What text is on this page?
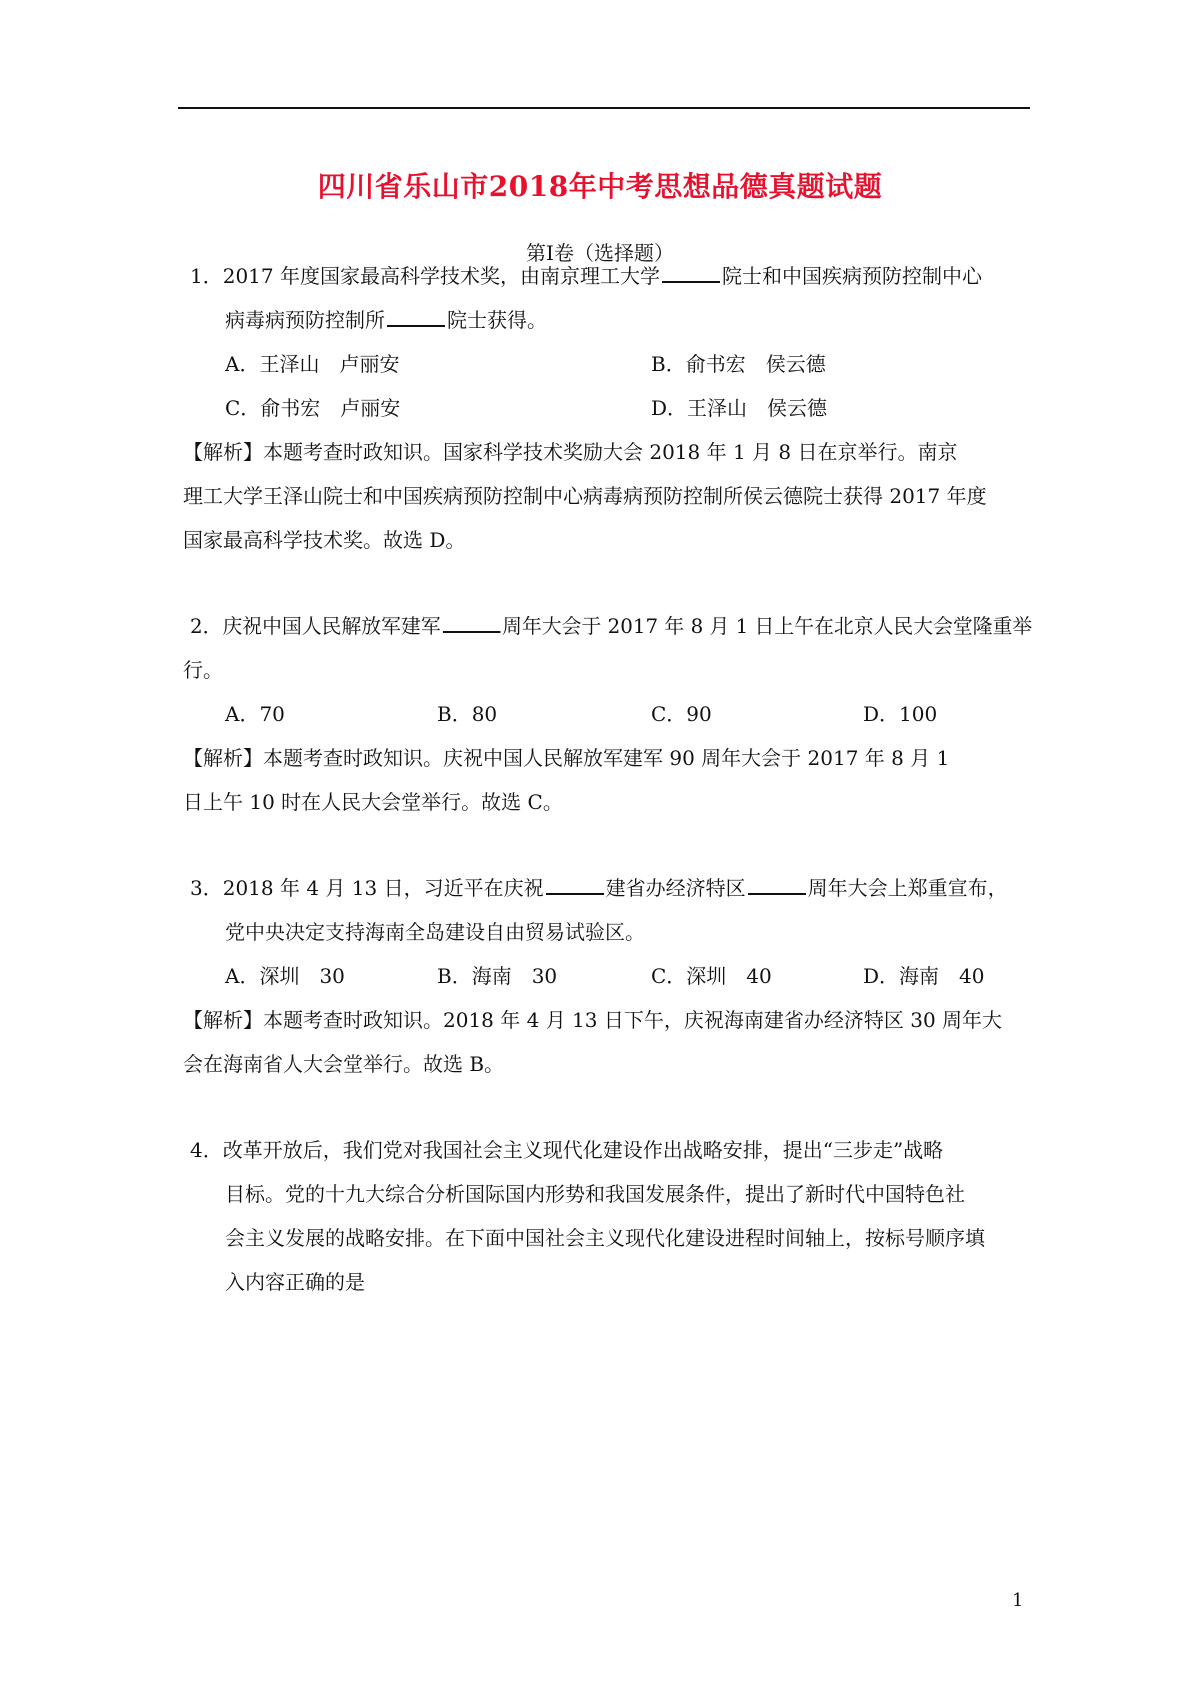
四川省乐山市2018年中考思想品德真题试题
第Ⅰ卷（选择题）
1．2017 年度国家最高科学技术奖，由南京理工大学	院士和中国疾病预防控制中心
病毒病预防控制所	院士获得。
A．王泽山　卢丽安	B．俞书宏　侯云德
C．俞书宏　卢丽安	D．王泽山　侯云德
【解析】本题考查时政知识。国家科学技术奖励大会 2018 年 1 月 8 日在京举行。南京
理工大学王泽山院士和中国疾病预防控制中心病毒病预防控制所侯云德院士获得 2017 年度
国家最高科学技术奖。故选 D。
2．庆祝中国人民解放军建军	周年大会于 2017 年 8 月 1 日上午在北京人民大会堂隆重举
行。
A．70	B．80	C．90	D．100
【解析】本题考查时政知识。庆祝中国人民解放军建军 90 周年大会于 2017 年 8 月 1
日上午 10 时在人民大会堂举行。故选 C。
3．2018 年 4 月 13 日，习近平在庆祝	建省办经济特区	周年大会上郑重宣布，
党中央决定支持海南全岛建设自由贸易试验区。
A．深圳　30	B．海南　30	C．深圳　40	D．海南　40
【解析】本题考查时政知识。2018 年 4 月 13 日下午，庆祝海南建省办经济特区 30 周年大
会在海南省人大会堂举行。故选 B。
4．改革开放后，我们党对我国社会主义现代化建设作出战略安排，提出“三步走”战略
目标。党的十九大综合分析国际国内形势和我国发展条件，提出了新时代中国特色社
会主义发展的战略安排。在下面中国社会主义现代化建设进程时间轴上，按标号顺序填
入内容正确的是
1
